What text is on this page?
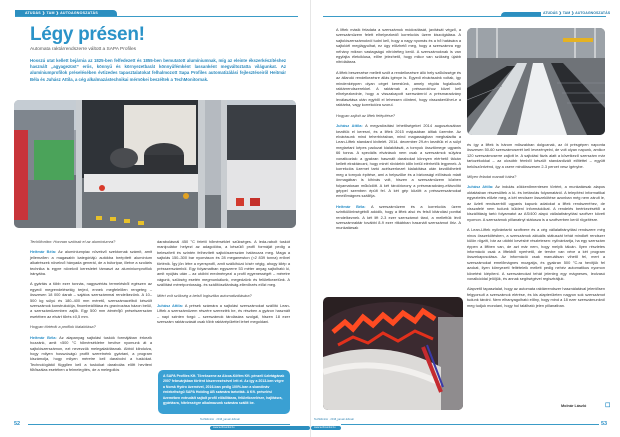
ATUDÁS ❯ TAM ❯ AUTOAGNOSZATÁS
Légy présen!
Automata raktárrendszerre váltott a SAPA Profiles
Hosszú utat kellett bejárnia az 1825-ben felfedezett és 1855-ben bemutatott alumíniumnak, míg az eleinte ékszerkészítéshez használt „agyagezüst” erős, könnyű és környezetbarát könnyűfémként lassanként megváltoztatta világunkat. Az alumíniumprofilok préselésében évtizedes tapasztalatokat felhalmozott Sapa Profiles automatizálási fejlesztéseiről Heitmár Béla és Juhász Attila, a cég alkalmazástechnikai mérnökei beszéltek a TechMonitornak.

TechMonitor: Honnan szólnak el az alumíniumra?

Heitmár Béla: Az alumíniumpiac növekvő szektornak számít, amit jellemzően a magasabb kategóriájú autókba beépített alumínium alkatrészek növekvő hányada generál, de a bútoripar, illetve a szoláris technika is egyre növekvő keresletet támaszt az alumíniumprofilok irányába.

A gyártás a több ezer tonnás, nagyszériás termelésből egészen az egyedi megrendelésekig terjed, ennek megfelelően rengeteg – összesen 18 000 darab – sajátos szerszámmal rendelkezünk. A 10–500 kg súlyú és 180–400 mm méretű, szerszámacélból készült szerszámok konstrukciója, finombeállítása és gravírozása házon belül, a szerszámüzemben zajlik. Egy 500 mm átmérőjű préselszerszám esetében az elvárt tűrés ±0,5 mm.

Hogyan történik a profilok kialakítása?

Heitmár Béla: Az alapanyag sajtolási tuskók formájában érkezik hozzánk, amit ≈500 °C hőmérsékletre hevítve nyomunk át a sajtolószerszámon, ezt nevezzük melegalakításnak. Abból kiindulva, hogy milyen hosszúságú profilt szeretnénk gyártani, a program kiszámolja, hogy milyen méretre kell darabolni a tuskókat. Technológiától függően kell a tuskókat darabolás előtt hevíteni fűtőszálas esetében a felmelegítés, de a melegollós

darabolásnál 450 °C feletti hőmérséklet szükséges. A leda-rabolt tuskót manipulátor helyezi az adagolóba, a készülő profil formáját pedig a beleszített és szintén felhevített sajtolószerszám határozza meg. Maga a sajtolás 150–300 bar nyomáson és 28 meganewton (≈2 839 tonna) erővel történik. Így jön létre a nyersprofil, amit szálkihúzó kísér végig, ahogy kilép a présszerszámból. Egy folyamatban egyszerre 53 méter anyag sajtolható ki, amit nyújtás után – az utóbbi eredményezi a profil egyenességét – méretre vágunk, szükség esetén megmunkálunk, megedzünk és felületkezelünk. A szállítást méretpontosság- és szállítószilárdság-ellenőrzés előzi meg.

Miért volt szükség a belső logisztika automatizálására?

Juhász Attila: A prések számára a sajtolási szerszámokat szállító Lean-Liftek a szerszámüzem részére szerezték be, és részben a gyáron használt – napi szinten forgó – szerszámok tárolására szolgál, hiszen 18 ezer szerszám raktározását csak több raktárépülettel lehet megoldani.

A SAPA Profiles Kft. Törekszene az Alcoa-Köfém Kft. pénzeli üzletágának 2007 februárjában történt kiszervezésével lett el. Az így a 2013-ben végre a Norsk Hydro üzemével, 2016-ban pedig 100%-ban a skandináv érdekeltségű SAPA Holding AB számára tartották. A Kft. préselési üzemében extrudált sajtolt profil előállításra, felületkezelésre, hajlításra, gyártásra, hitelességre alkalmazunk számára szállít be.
52
TechMonitor · 2016_január-február
www.techmonitor.hu
ATUDÁS ❯ TAM ❯ AUTOAGNOSZATÁS

A liftek másik feladata a szerszámok módosítását, javítását végző, a szerszámüzem felett elhelyezkedő korrekciós üzem kiszolgálása. A sajtolószerszámokról tudni kell, hogy a nagy nyomás és a hő hatására a sajtolóél meglágyulhat, ez úgy előzhető meg, hogy a szerszámra egy néhány mikron vastagságú nitrídréteg kerül. A szerszámoknak is van egyfajta életciklusa, előre jelezhető, hogy mikor van szükség újabb nitrídálásra.

A liftek beszerzése mellett szólt a rendelkezésre álló hely szűkössége és az állandó rendelkezésre állás igénye is. Egyedi elvárásaink voltak, így mindenképpen olyan céget kerestünk, amely régóta foglalkozik raktárrendszerekkel. A raktárnak a préssorokhoz közel kell elhelyezkednie, hogy a visszakapott szerszámról a présmaradvány leválasztása után egyből el lehessen dönteni, hogy visszakerülhet-e a raktárba, vagy korrekcióra szorul.

Hogyan zajlott az liftek felépítése?

Juhász Attila: A megvalósítási lehetőségeket 2014 augusztusában kezdtük el keresni, és a liftek 2015 májusában álltak üzembe. Az elvárásunk mind teherbírásban, mind magasságban meghaladta a Lean-Liftek standard kivitelét. 2014. december 29-én kezdtük el a súlyt megtartani képes padozat kialakítását, a tornyok össztömege ugyanis 66 tonna. A speciális elvárások nem csak a szerszámok súlyára vonatkoztak: a gyakran használt darabokat könnyen elérhető tálcán kellett elraktározni, hogy minél rövidebb időn belül elérhetők legyenek. A korrekciós üzemet tartó acélszerkezet kialakítása után kezdődhetett meg a tornyok építése, ami a helyszűke és a biztonsági előírások miatt önmagában is kihívás volt, hiszen a szerszámüzem közben folyamatosan működött. A két tárolótorony a présmaradvány-eltávolító géppel szemben épült fel. A két gép között a présszerszámokat emelőmágnes szállítja.

Heitmár Béla: A szerszámüzem és a korrekciós üzem szintkülönbségéből adódik, hogy a liftek alsó és felső kitárolási ponttal rendelkeznek. A két lift 2-3 ezer szerszámot tárol, a mellettük lévő szerszámraktár további 8-9 ezer ritkábban használt szerszámot őriz. A munkatársak

és így a liftek is három műszakban dolgoznak, az öt présgépen naponta összesen 50-60 szerszámcserét kell levezényelni, de volt olyan napunk, amikor 120 szerszámcserre zajlott le. A sajtolási fázis alatt a következő szerszám már tartozékokkal – az olcsóbb fémből készült standardizált előtéttel – együtt beköszöntvénd, így a csere mindösszesen 2-3 percet vesz igénybe.

Milyen feladat maradt hátra?

Juhász Attila: Az indulás zökkenőmentesen történt, a munkatársak alapos oktatásban részesültek a ki- és betárolás folyamatáról. A telepítést informatikai egyeztetés előzte meg, a két rendszer összekötése azonban még nem zárult le, az üzleti rendszerből ugyanis kapunk adatokat a liftek rendszeréhez, de visszafelé nem tudunk küldeni információkat. A rendelés beérkezésétől a kiszállításig tartó folyamatot az AS/400 alapú vállalatirányítási szoftver követi nyomon. A szerszámok pillanatnyi státusza is a szoftverben kerül rögzítésre.

A Lean-Liftek nyilvántartó szoftvere és a cég vállalatirányítási rendszere még nincs összekötésben, a szerszámok aktuális státuszát tehát mindkét rendszer külön rögzíti, bár az utóbbi kevésbé részletesen: nyilvántartja, ha egy szerszám éppen a liftben van, de azt már nem, hogy melyik tálcán. Ilyen részletes információ csak a liftekből nyerhető, de tervbe van véve a két program összekapcsolása. Az információ csak manuálisan vihető fel, mert a szerszámokat emelőmágnes mozgatja, és gyakran 500 °C-ra hevítjük fel azokat, ilyen környezeti feltételeik mellett pedig nehéz automatikus nyomon követést kiépíteni. A szerszámokat tehát jelenleg egy mágneses, leolvasó vonalkóddal jelöljük, és annak segítségével regisztráljuk.

Alapvető tapasztalat, hogy az automata raktárrendszer használatával jelentősen felgyorsult a szerszámok elérése, és kis alapterületen nagyon sok szerszámot tudunk tárolni. Nem elhanyagolható előny, hogy mind a 18 ezer szerszámunkról meg tudjuk mondani, hogy hol található jelen pillanatban.

Molnár László	☐
TechMonitor · 2016_január-február
www.techmonitor.hu
53
